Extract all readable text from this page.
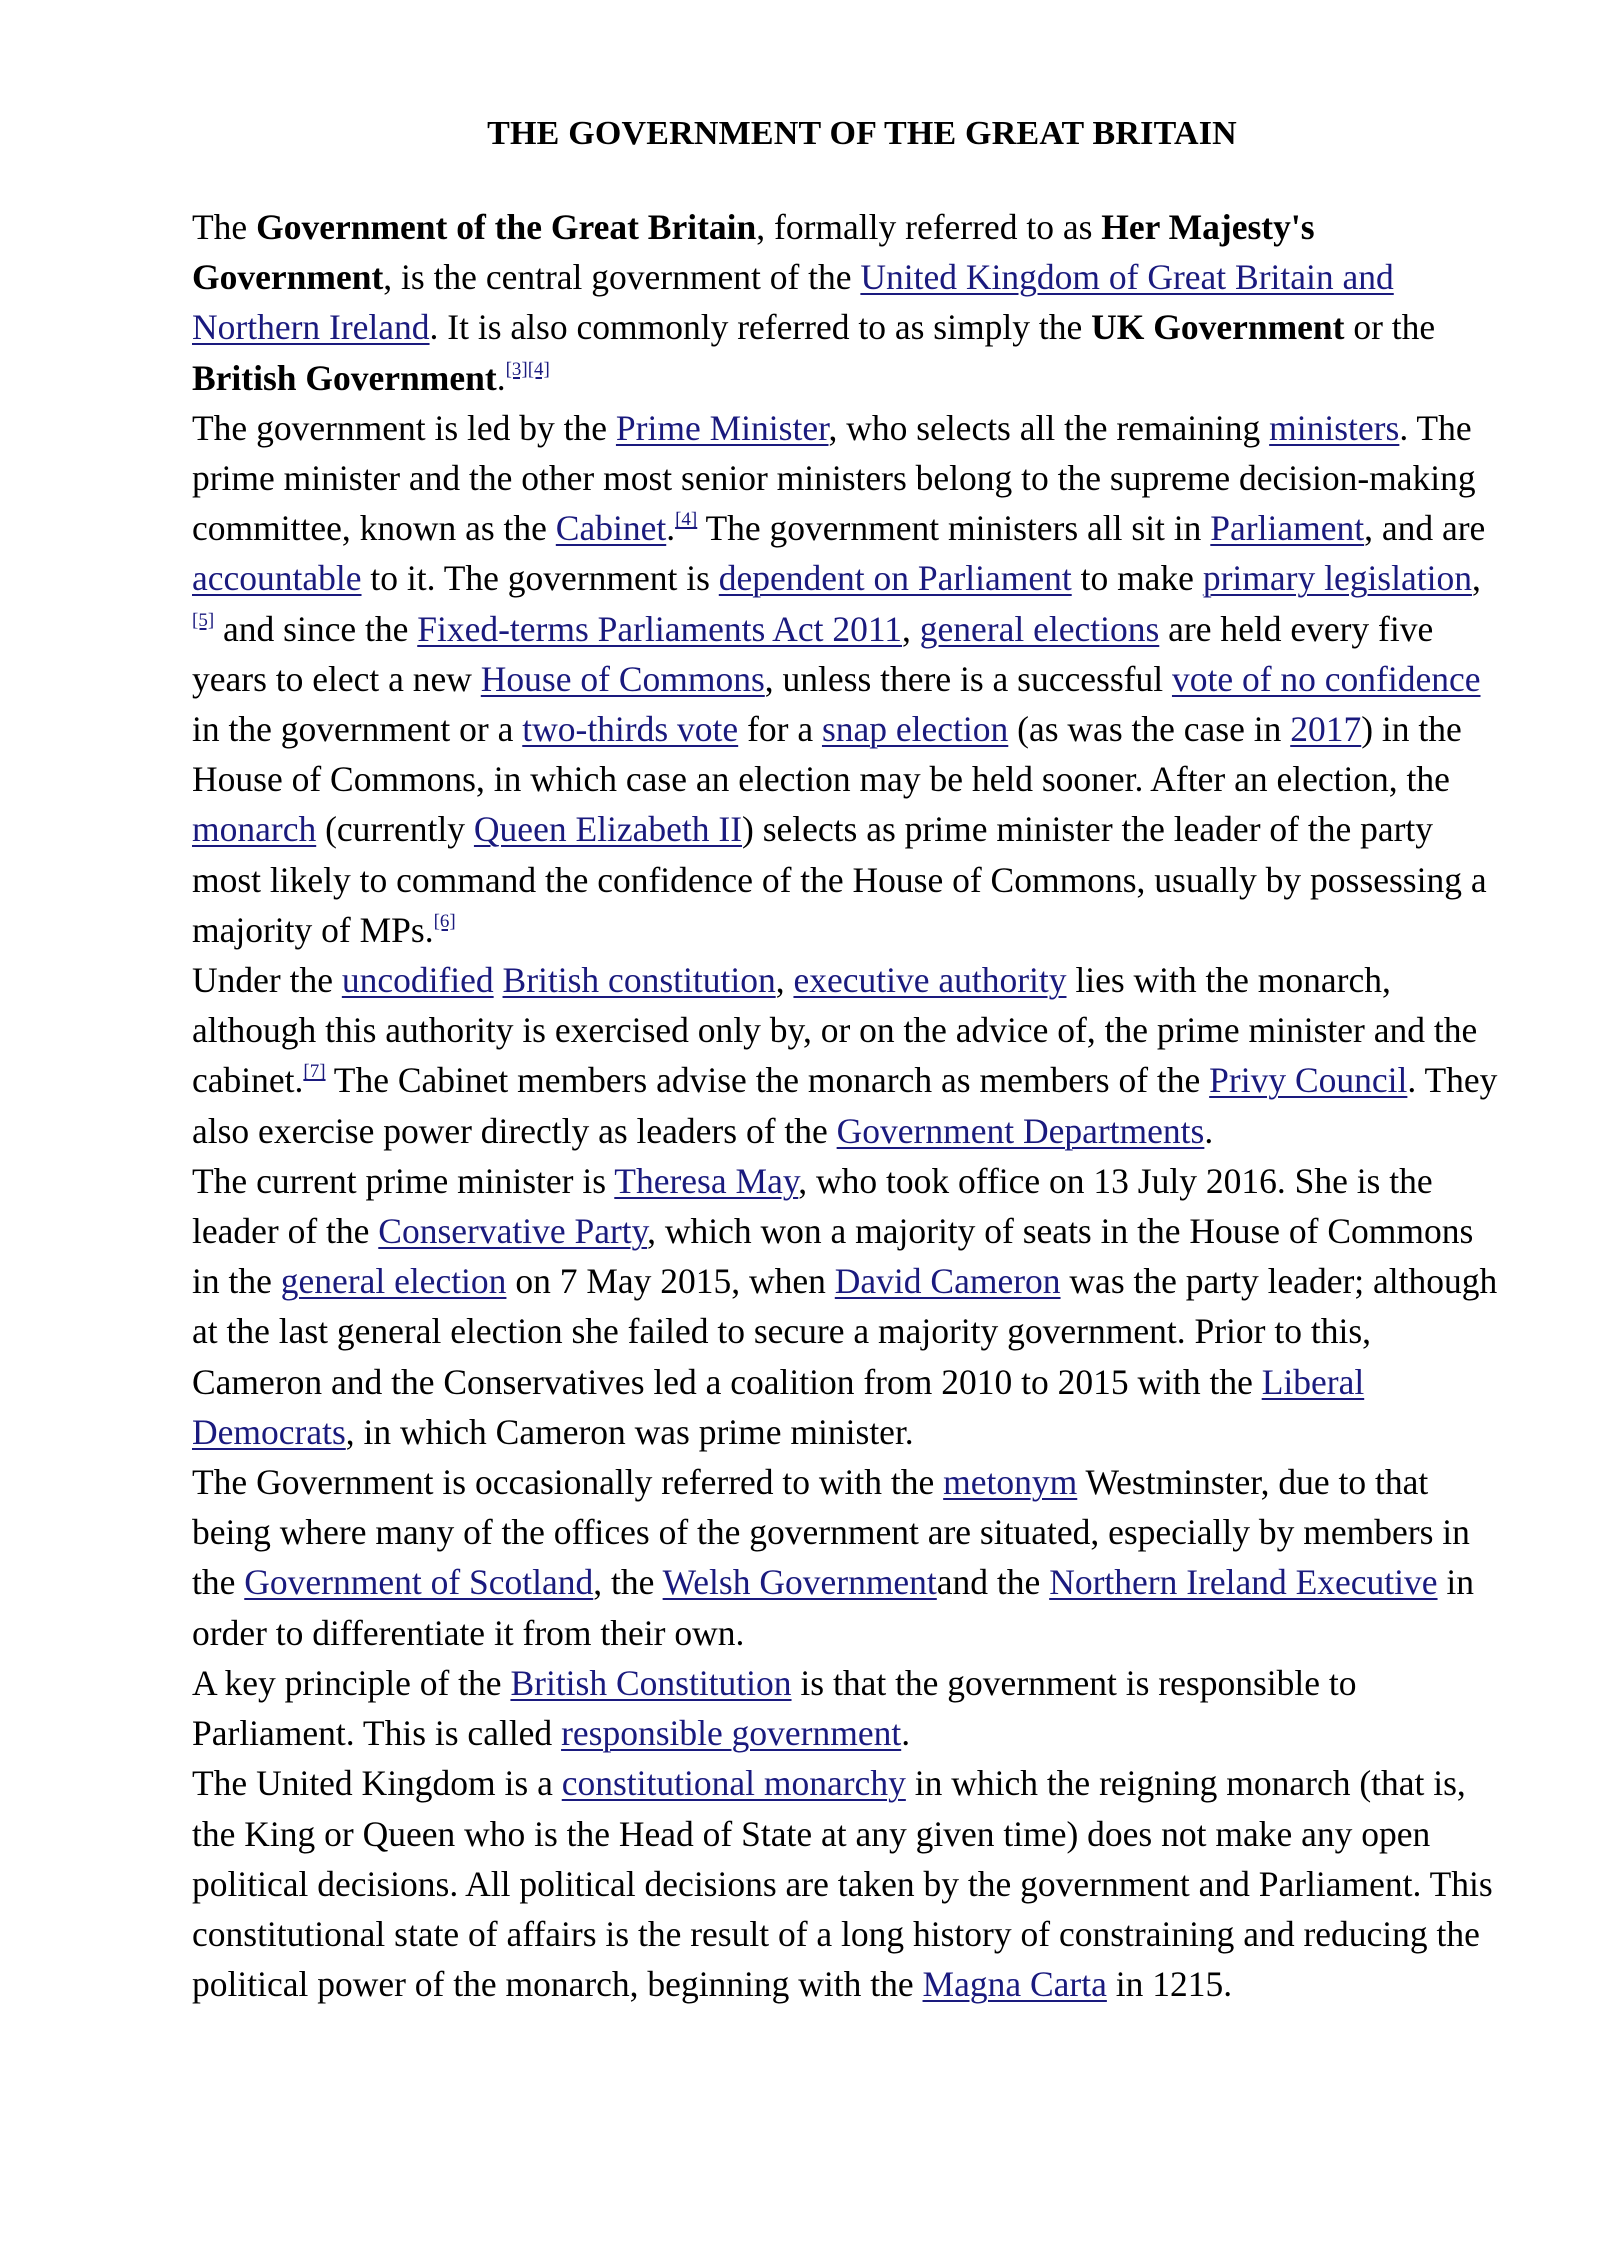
THE GOVERNMENT OF THE GREAT BRITAIN

The Government of the Great Britain, formally referred to as Her Majesty's Government, is the central government of the United Kingdom of Great Britain and Northern Ireland. It is also commonly referred to as simply the UK Government or the British Government.[3][4]

The government is led by the Prime Minister, who selects all the remaining ministers. The prime minister and the other most senior ministers belong to the supreme decision-making committee, known as the Cabinet.[4] The government ministers all sit in Parliament, and are accountable to it. The government is dependent on Parliament to make primary legislation,[5] and since the Fixed-terms Parliaments Act 2011, general elections are held every five years to elect a new House of Commons, unless there is a successful vote of no confidence in the government or a two-thirds vote for a snap election (as was the case in 2017) in the House of Commons, in which case an election may be held sooner. After an election, the monarch (currently Queen Elizabeth II) selects as prime minister the leader of the party most likely to command the confidence of the House of Commons, usually by possessing a majority of MPs.[6]

Under the uncodified British constitution, executive authority lies with the monarch, although this authority is exercised only by, or on the advice of, the prime minister and the cabinet.[7] The Cabinet members advise the monarch as members of the Privy Council. They also exercise power directly as leaders of the Government Departments.

The current prime minister is Theresa May, who took office on 13 July 2016. She is the leader of the Conservative Party, which won a majority of seats in the House of Commons in the general election on 7 May 2015, when David Cameron was the party leader; although at the last general election she failed to secure a majority government. Prior to this, Cameron and the Conservatives led a coalition from 2010 to 2015 with the Liberal Democrats, in which Cameron was prime minister.

The Government is occasionally referred to with the metonym Westminster, due to that being where many of the offices of the government are situated, especially by members in the Government of Scotland, the Welsh Governmentand the Northern Ireland Executive in order to differentiate it from their own.

A key principle of the British Constitution is that the government is responsible to Parliament. This is called responsible government.

The United Kingdom is a constitutional monarchy in which the reigning monarch (that is, the King or Queen who is the Head of State at any given time) does not make any open political decisions. All political decisions are taken by the government and Parliament. This constitutional state of affairs is the result of a long history of constraining and reducing the political power of the monarch, beginning with the Magna Carta in 1215.
